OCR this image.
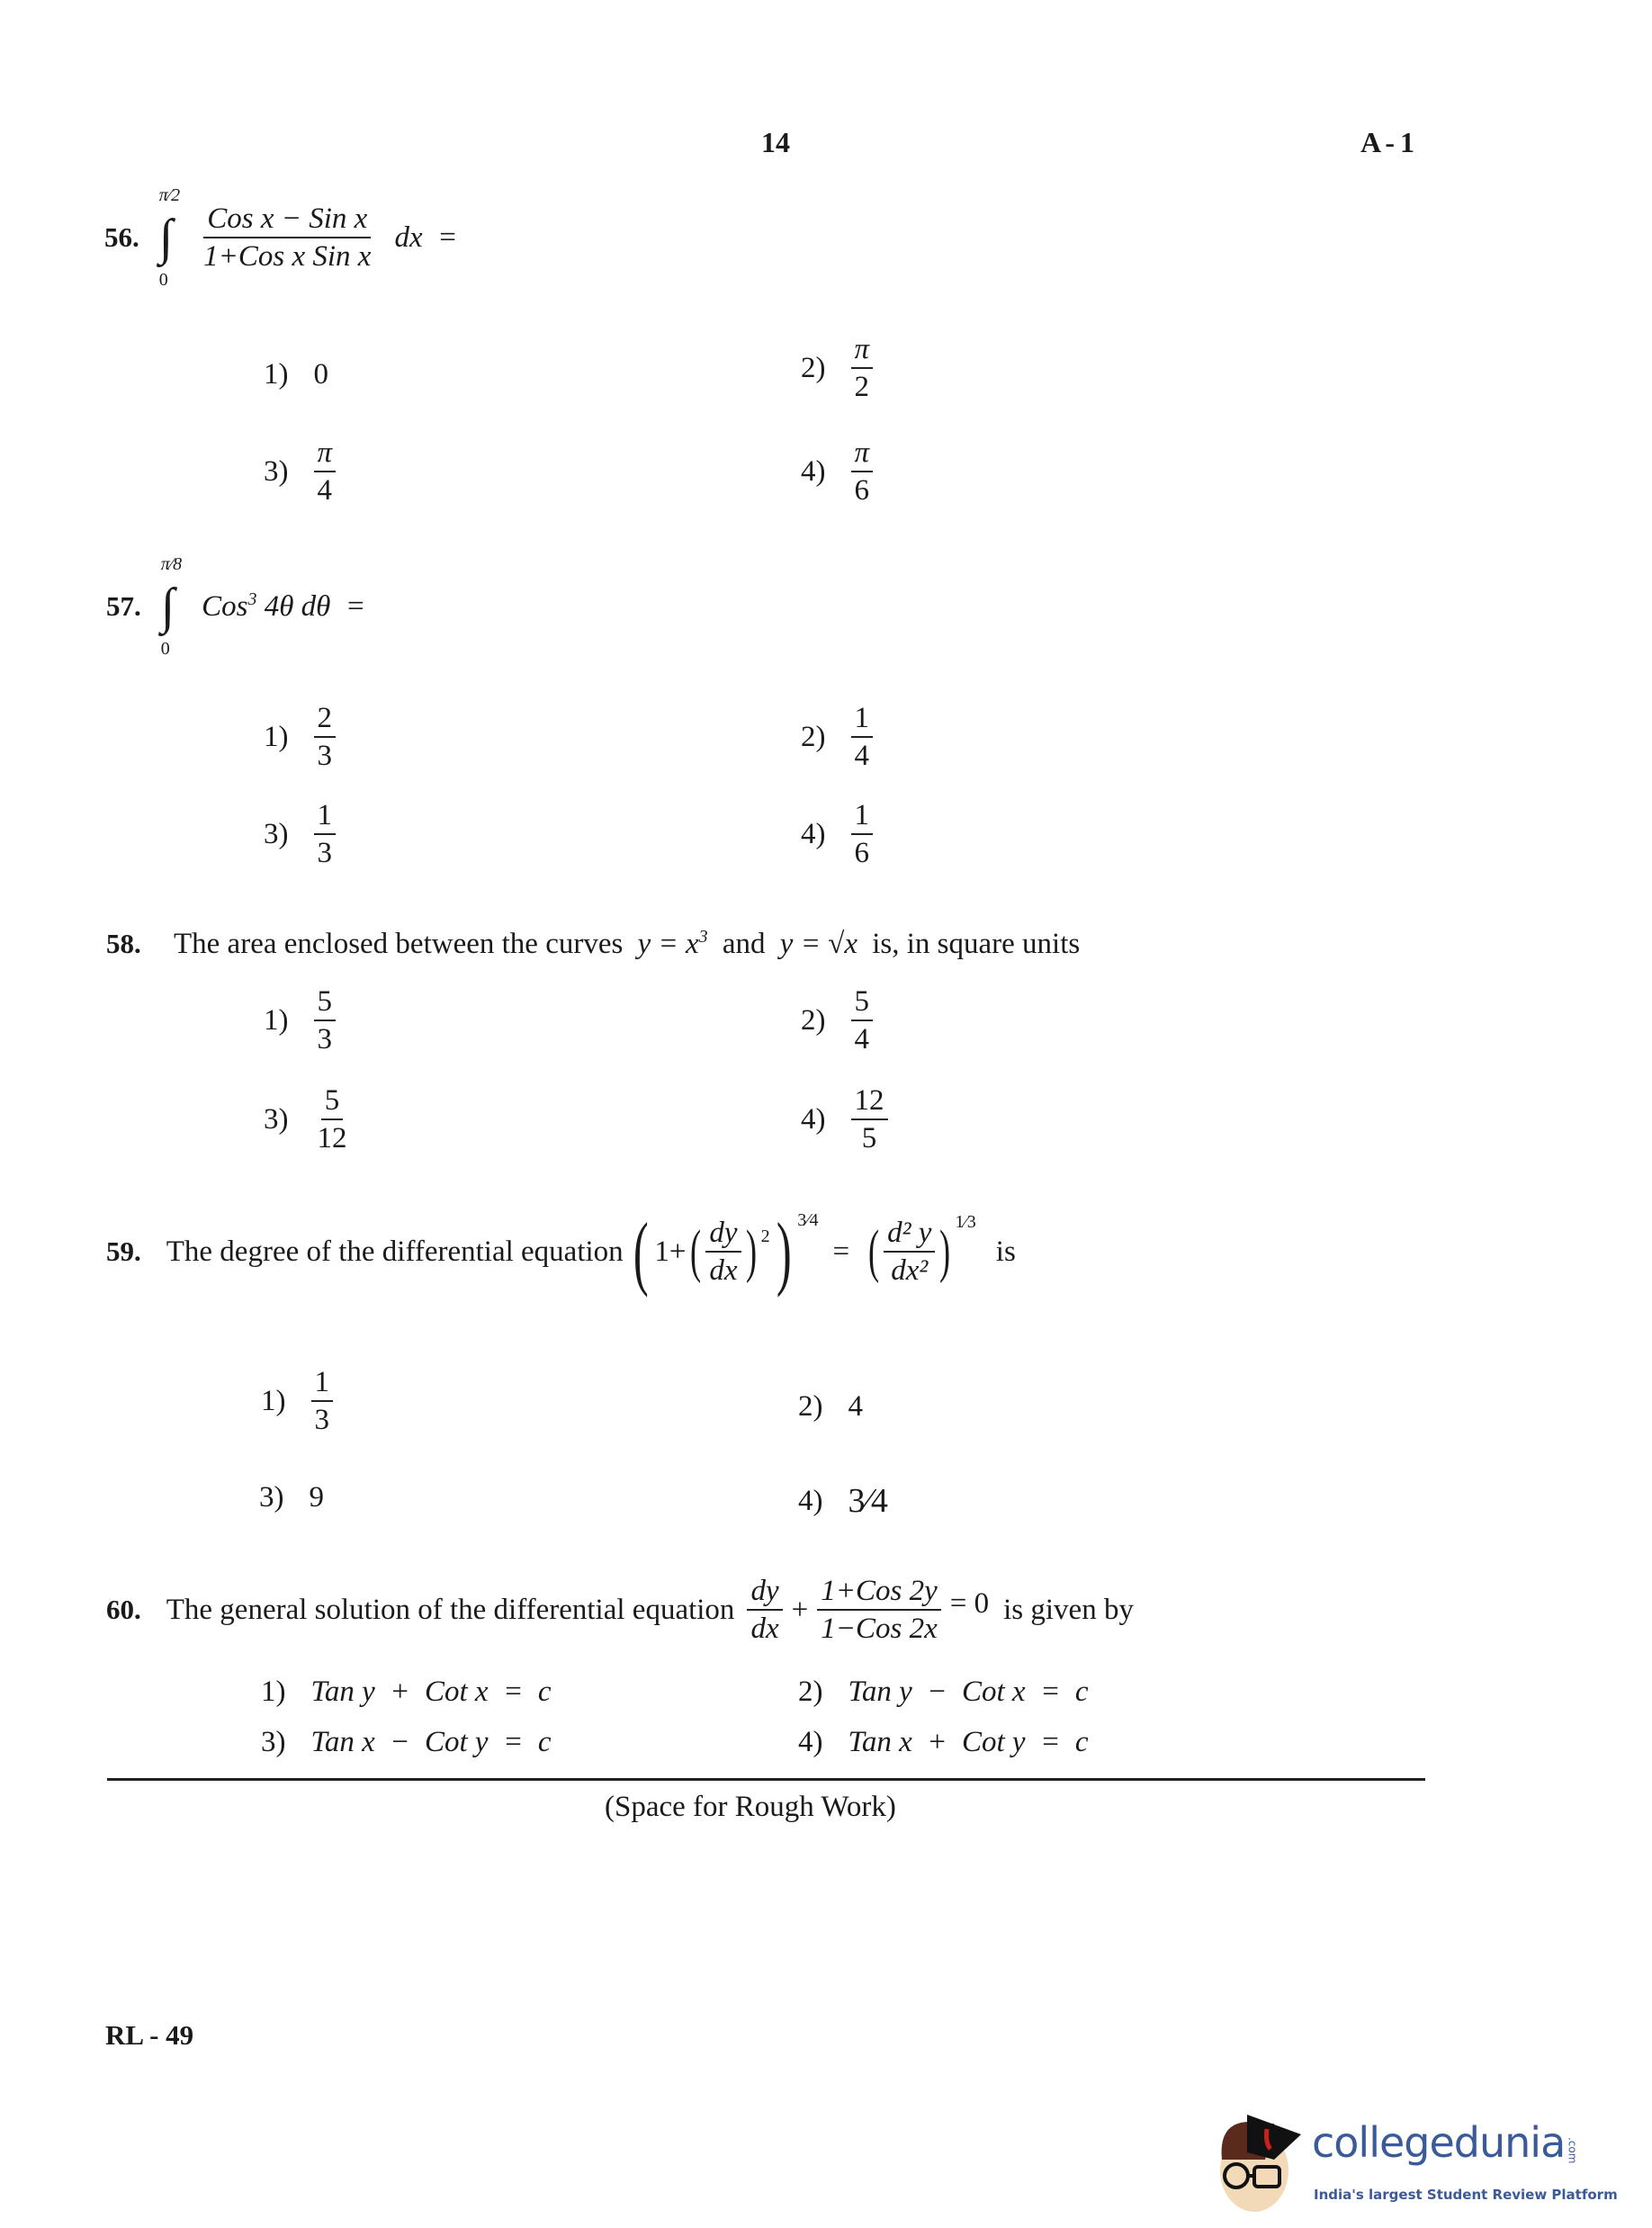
14	A - 1
56.
π⁄2
∫
0
$\frac{\text{Cos x − Sin x}}{\text{1+Cos x Sin x}}$ dx  =
1) 0	$2) \frac{\pi}{2}$
$3) \frac{\pi}{4}$	$4) \frac{\pi}{6}$
57.
π⁄8
∫
0
Cos$^3$ 4θ dθ  =
$1) \frac{2}{3}$	$2) \frac{1}{4}$
$3) \frac{1}{3}$	$4) \frac{1}{6}$
58. The area enclosed between the curves $y = x^3$ and y = √x is, in square units
$1) \frac{5}{3}$	$2) \frac{5}{4}$
$3) \frac{5}{12}$	$4) \frac{12}{5}$
59. The degree of the differential equation ( 1+ ( $\frac{dy}{dx} )^2$ ) $^{3⁄4}$
= ( $\frac{\text{d² y}}{\text{dx²}} )^{1⁄3}$
is
$1) \frac{1}{3}$	2) 4
3) 9	4) 3⁄4
60. The general solution of the differential equation $\frac{dy}{dx} + \frac{\text{1+Cos 2y}}{\text{1−Cos 2x}} = 0$ is given by
1) Tan y  +  Cot x  =  c	2) Tan y  −  Cot x  =  c
3) Tan x  −  Cot y  =  c	4) Tan x  +  Cot y  =  c
(Space for Rough Work)
RL - 49
collegedunia .com
India's largest Student Review Platform
